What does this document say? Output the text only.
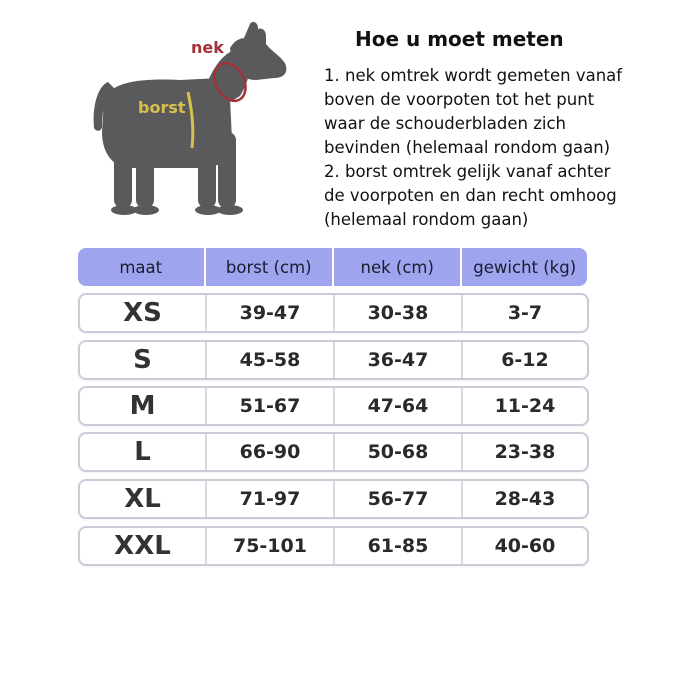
nek
borst
Hoe u moet meten
1. nek omtrek wordt gemeten vanaf
boven de voorpoten tot het punt
waar de schouderbladen zich
bevinden (helemaal rondom gaan)
2. borst omtrek gelijk vanaf achter
de voorpoten en dan recht omhoog
(helemaal rondom gaan)
maat	borst (cm)	nek (cm)	gewicht (kg)
XS	39-47	30-38	3-7
S	45-58	36-47	6-12
M	51-67	47-64	11-24
L	66-90	50-68	23-38
XL	71-97	56-77	28-43
XXL	75-101	61-85	40-60
